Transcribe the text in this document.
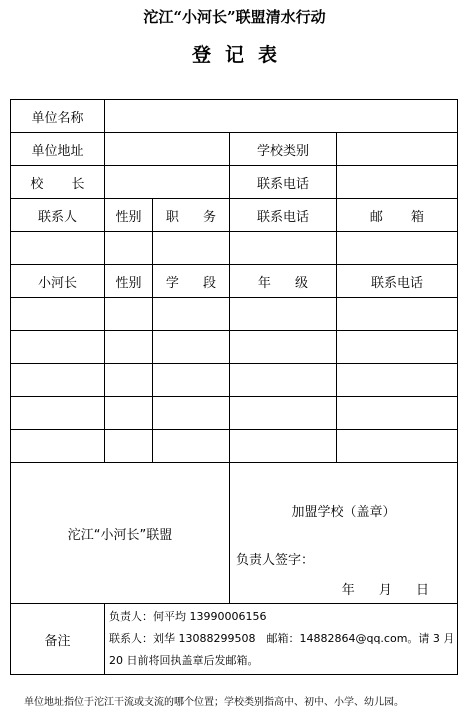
沱江“小河长”联盟清水行动
登记表
单位名称				
单位地址			学校类别	
校 长			联系电话	
联系人	性别	职 务	联系电话	邮 箱

小河长	性别	学 段	年 级	联系电话

沱江“小河长”联盟			加盟学校（盖章）
负责人签字：
年 月 日	

备注	负责人：何平均 13990006156
联系人：刘华 13088299508　邮箱：14882864@qq.com。请 3 月
20 日前将回执盖章后发邮箱。			
单位地址指位于沱江干流或支流的哪个位置；学校类别指高中、初中、小学、幼儿园。
